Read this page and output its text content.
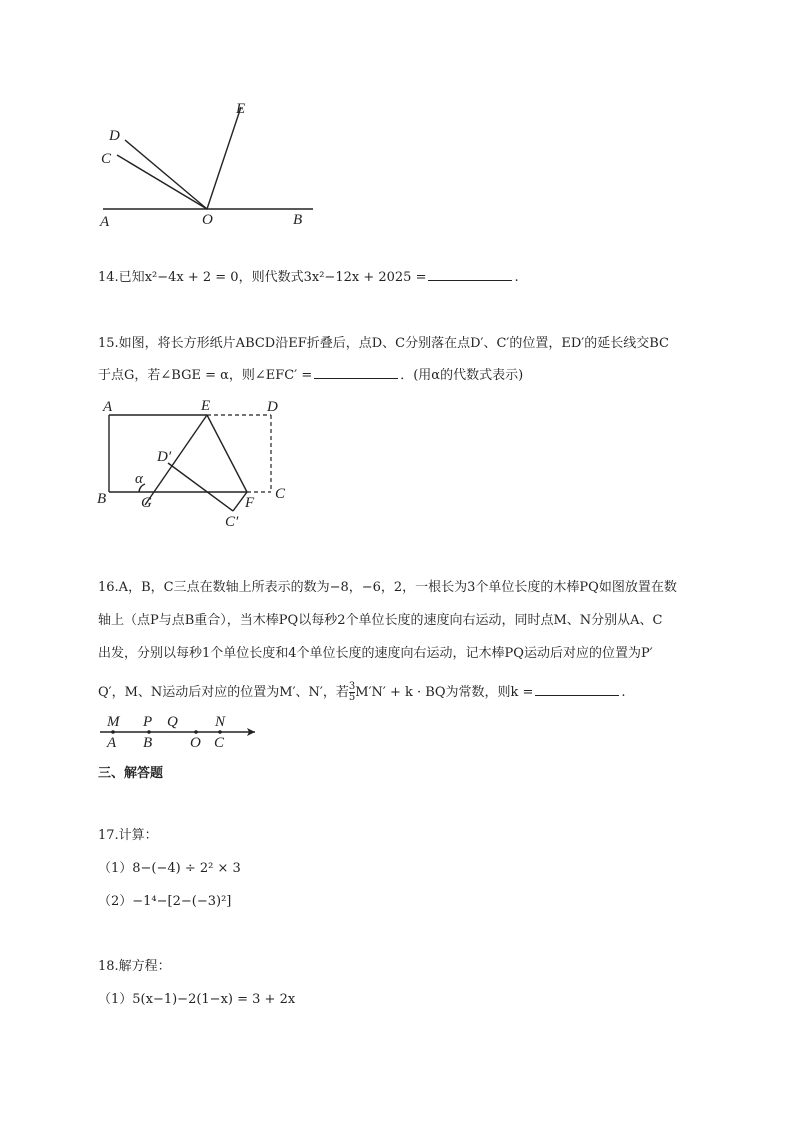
D
C
E
A	O	B
14.已知x²−4x + 2 = 0，则代数式3x²−12x + 2025 =	.
15.如图，将长方形纸片ABCD沿EF折叠后，点D、C分别落在点D′、C′的位置，ED′的延长线交BC
于点G，若∠BGE = α，则∠EFC′ =	．(用α的代数式表示)
A	E	D
D′
α
B G	F
C
C′
16.A，B，C三点在数轴上所表示的数为−8，−6，2，一根长为3个单位长度的木棒PQ如图放置在数
轴上（点P与点B重合），当木棒PQ以每秒2个单位长度的速度向右运动，同时点M、N分别从A、C
出发，分别以每秒1个单位长度和4个单位长度的速度向右运动，记木棒PQ运动后对应的位置为P′
Q′，M、N运动后对应的位置为M′、N′，若 $\frac{3}{5} M'N' + k$ · BQ为常数，则k =	.
M P Q N
A B	O C
三、解答题
17.计算：
（1）8−(−4) ÷ 2² × 3
（2）−1⁴−[2−(−3)²]
18.解方程：
（1）5(x−1)−2(1−x) = 3 + 2x
